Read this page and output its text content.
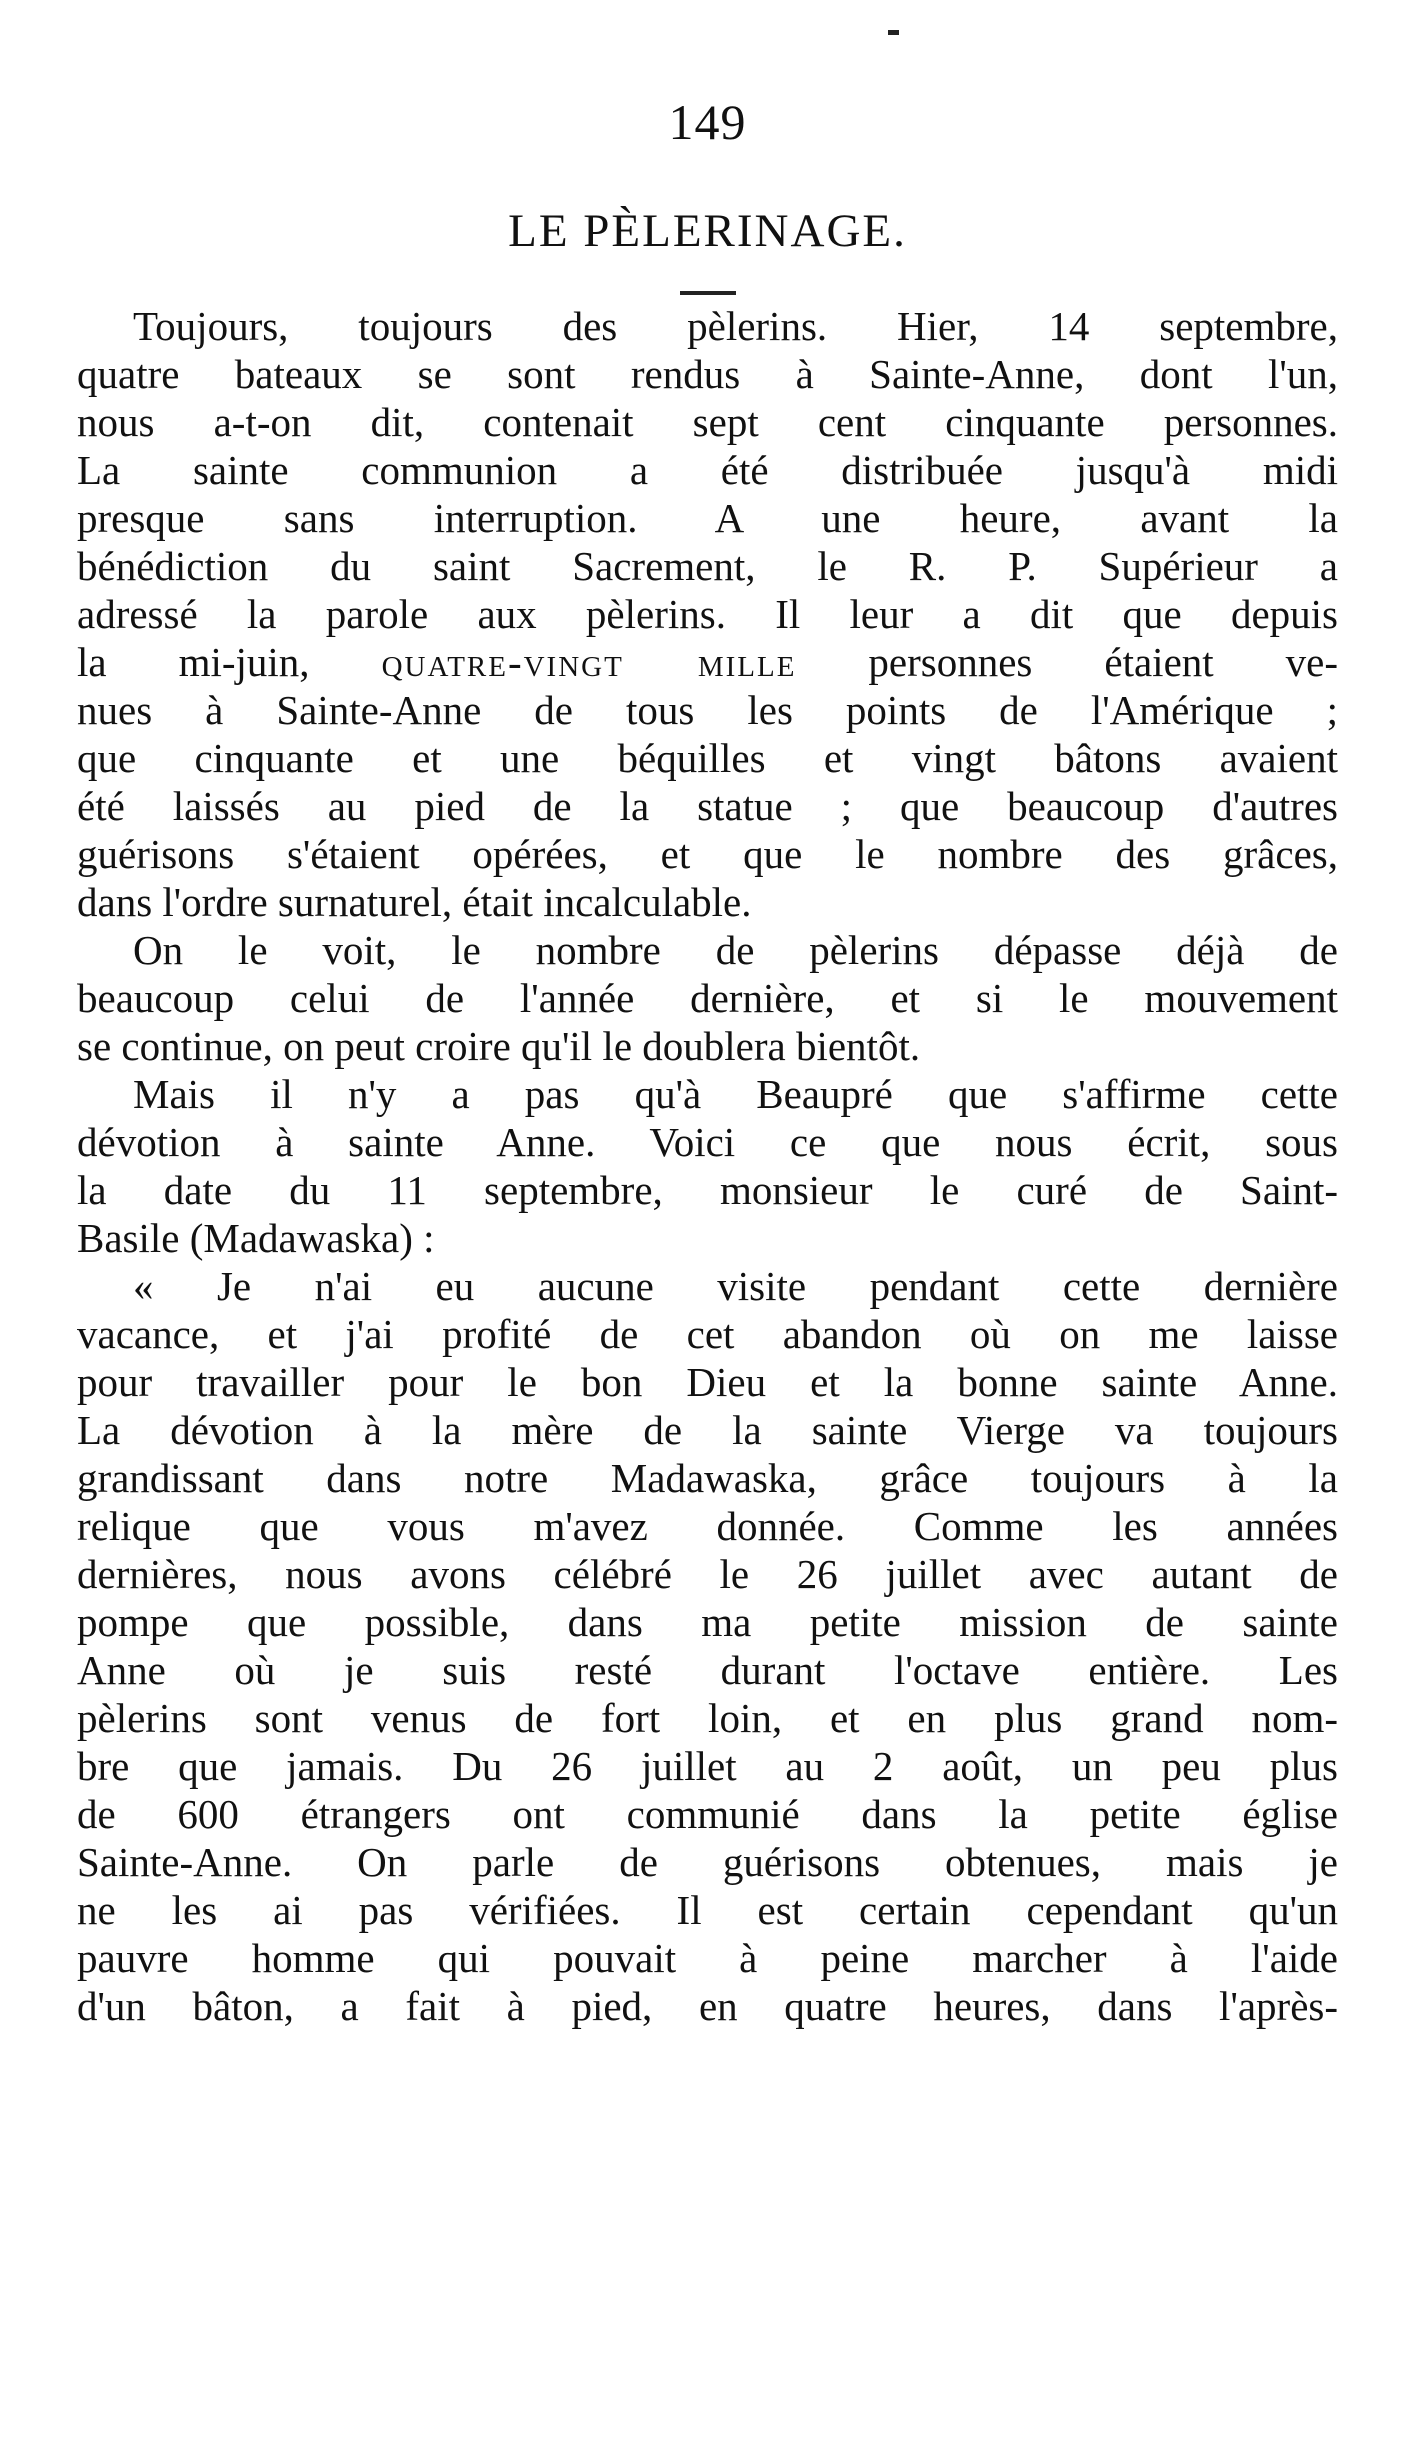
149
LE PÈLERINAGE.
Toujours, toujours des pèlerins. Hier, 14 septembre,
quatre bateaux se sont rendus à Sainte-Anne, dont l'un,
nous a-t-on dit, contenait sept cent cinquante personnes.
La sainte communion a été distribuée jusqu'à midi
presque sans interruption. A une heure, avant la
bénédiction du saint Sacrement, le R. P. Supérieur a
adressé la parole aux pèlerins. Il leur a dit que depuis
la mi-juin, quatre-vingt mille personnes étaient ve-
nues à Sainte-Anne de tous les points de l'Amérique ;
que cinquante et une béquilles et vingt bâtons avaient
été laissés au pied de la statue ; que beaucoup d'autres
guérisons s'étaient opérées, et que le nombre des grâces,
dans l'ordre surnaturel, était incalculable.
On le voit, le nombre de pèlerins dépasse déjà de
beaucoup celui de l'année dernière, et si le mouvement
se continue, on peut croire qu'il le doublera bientôt.
Mais il n'y a pas qu'à Beaupré que s'affirme cette
dévotion à sainte Anne. Voici ce que nous écrit, sous
la date du 11 septembre, monsieur le curé de Saint-
Basile (Madawaska) :
« Je n'ai eu aucune visite pendant cette dernière
vacance, et j'ai profité de cet abandon où on me laisse
pour travailler pour le bon Dieu et la bonne sainte Anne.
La dévotion à la mère de la sainte Vierge va toujours
grandissant dans notre Madawaska, grâce toujours à la
relique que vous m'avez donnée. Comme les années
dernières, nous avons célébré le 26 juillet avec autant de
pompe que possible, dans ma petite mission de sainte
Anne où je suis resté durant l'octave entière. Les
pèlerins sont venus de fort loin, et en plus grand nom-
bre que jamais. Du 26 juillet au 2 août, un peu plus
de 600 étrangers ont communié dans la petite église
Sainte-Anne. On parle de guérisons obtenues, mais je
ne les ai pas vérifiées. Il est certain cependant qu'un
pauvre homme qui pouvait à peine marcher à l'aide
d'un bâton, a fait à pied, en quatre heures, dans l'après-
